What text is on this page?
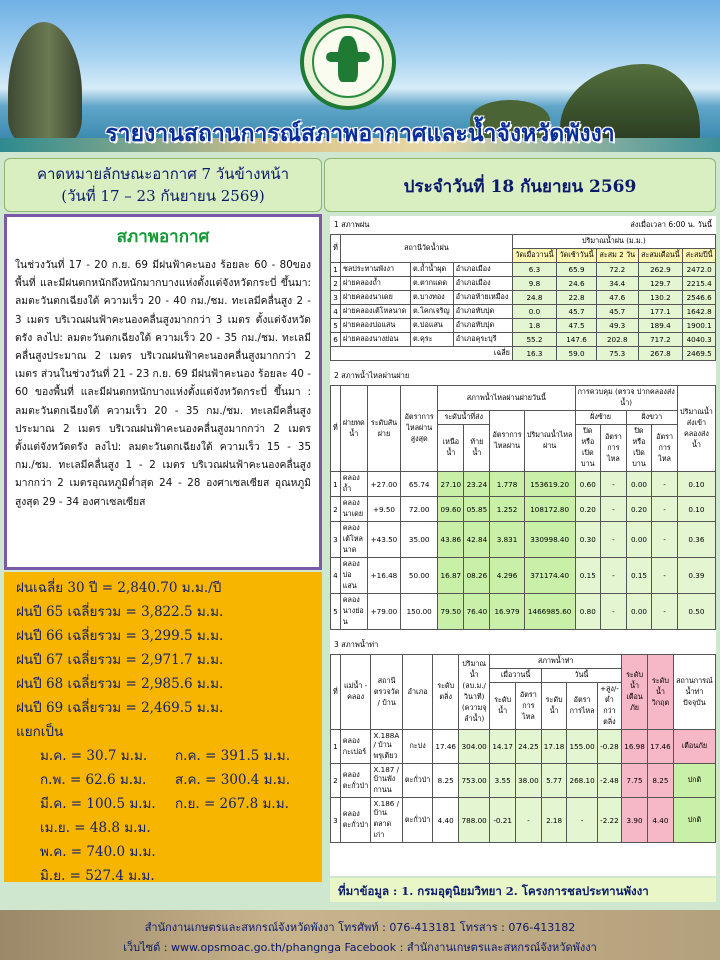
รายงานสถานการณ์สภาพอากาศและน้ำจังหวัดพังงา
คาดหมายลักษณะอากาศ 7 วันข้างหน้า
(วันที่ 17 – 23 กันยายน 2569)	ประจำวันที่ 18 กันยายน 2569
สภาพอากาศ
ในช่วงวันที่ 17 - 20 ก.ย. 69 มีฝนฟ้าคะนอง ร้อยละ 60 - 80ของพื้นที่ และมีฝนตกหนักถึงหนักมากบางแห่งตั้งแต่จังหวัดกระบี่ ขึ้นมา: ลมตะวันตกเฉียงใต้ ความเร็ว 20 - 40 กม./ชม. ทะเลมีคลื่นสูง 2 - 3 เมตร บริเวณฝนฟ้าคะนองคลื่นสูงมากกว่า 3 เมตร ตั้งแต่จังหวัดตรัง ลงไป: ลมตะวันตกเฉียงใต้ ความเร็ว 20 - 35 กม./ชม. ทะเลมีคลื่นสูงประมาณ 2 เมตร บริเวณฝนฟ้าคะนองคลื่นสูงมากกว่า 2 เมตร ส่วนในช่วงวันที่ 21 - 23 ก.ย. 69 มีฝนฟ้าคะนอง ร้อยละ 40 - 60 ของพื้นที่ และมีฝนตกหนักบางแห่งตั้งแต่จังหวัดกระบี่ ขึ้นมา : ลมตะวันตกเฉียงใต้ ความเร็ว 20 - 35 กม./ชม. ทะเลมีคลื่นสูงประมาณ 2 เมตร บริเวณฝนฟ้าคะนองคลื่นสูงมากกว่า 2 เมตร ตั้งแต่จังหวัดตรัง ลงไป: ลมตะวันตกเฉียงใต้ ความเร็ว 15 - 35 กม./ชม. ทะเลมีคลื่นสูง 1 - 2 เมตร บริเวณฝนฟ้าคะนองคลื่นสูงมากกว่า 2 เมตรอุณหภูมิต่ำสุด 24 - 28 องศาเซลเซียส อุณหภูมิสูงสุด 29 - 34 องศาเซลเซียส
ฝนเฉลี่ย 30 ปี = 2,840.70 ม.ม./ปี
ฝนปี 65 เฉลี่ยรวม = 3,822.5 ม.ม.
ฝนปี 66 เฉลี่ยรวม = 3,299.5 ม.ม.
ฝนปี 67 เฉลี่ยรวม = 2,971.7 ม.ม.
ฝนปี 68 เฉลี่ยรวม = 2,985.6 ม.ม.
ฝนปี 69 เฉลี่ยรวม = 2,469.5 ม.ม.
แยกเป็น
ม.ค. = 30.7 ม.ม.	ก.ค. = 391.5 ม.ม.
ก.พ. = 62.6 ม.ม.	ส.ค. = 300.4 ม.ม.
มี.ค. = 100.5 ม.ม.	ก.ย. = 267.8 ม.ม.
เม.ย. = 48.8 ม.ม.
พ.ค. = 740.0 ม.ม.
มิ.ย. = 527.4 ม.ม.
1 สภาพฝน	ส่งเมื่อเวลา 6:00 น. วันนี้
ที่	สถานีวัดน้ำฝน			ปริมาณน้ำฝน (ม.ม.)				
				วัดเมื่อวานนี้	วัดเช้าวันนี้	สะสม 2 วัน	สะสมเดือนนี้	สะสมปีนี้
1	ชลประทานพังงา	ต.ถ้ำน้ำผุด	อำเภอเมือง	6.3	65.9	72.2	262.9	2472.0
2	ฝายคลองถ้ำ	ต.ตากแดด	อำเภอเมือง	9.8	24.6	34.4	129.7	2215.4
3	ฝายคลองนาเดย	ต.บางทอง	อำเภอท้ายเหมือง	24.8	22.8	47.6	130.2	2546.6
4	ฝายคลองเต้โหลนาด	ต.โคกเจริญ	อำเภอทับปุด	0.0	45.7	45.7	177.1	1642.8
5	ฝายคลองบ่อแสน	ต.บ่อแสน	อำเภอทับปุด	1.8	47.5	49.3	189.4	1900.1
6	ฝายคลองนางย่อน	ต.คุระ	อำเภอคุระบุรี	55.2	147.6	202.8	717.2	4040.3
เฉลี่ย				16.3	59.0	75.3	267.8	2469.5
2 สภาพน้ำไหลผ่านฝาย
ที่	ฝายทดน้ำ	ระดับสันฝาย	อัตราการไหลผ่านสูงสุด	สภาพน้ำไหลผ่านฝายวันนี้				การควบคุม (ตรวจ ปากคลองส่งน้ำ)				ปริมาณน้ำส่งเข้าคลองส่งน้ำ
				ระดับน้ำที่ส่ง		อัตราการไหลผ่าน	ปริมาณน้ำไหลผ่าน	ฝั่งซ้าย		ฝั่งขวา		
				เหนือน้ำ	ท้ายน้ำ			ปิดหรือเปิดบาน	อัตราการไหล	ปิดหรือเปิดบาน	อัตราการไหล	
1	คลองถ้ำ	+27.00	65.74	27.10	23.24	1.778	153619.20	0.60	-	0.00	-	0.10
2	คลองนาเดย	+9.50	72.00	09.60	05.85	1.252	108172.80	0.20	-	0.20	-	0.10
3	คลองเต้โหลนาด	+43.50	35.00	43.86	42.84	3.831	330998.40	0.30	-	0.00	-	0.36
4	คลองบ่อแสน	+16.48	50.00	16.87	08.26	4.296	371174.40	0.15	-	0.15	-	0.39
5	คลองนางย่อน	+79.00	150.00	79.50	76.40	16.979	1466985.60	0.80	-	0.00	-	0.50
3 สภาพน้ำท่า
ที่	แม่น้ำ - คลอง	สถานีตรวจวัด / บ้าน	อำเภอ	ระดับตลิ่ง	ปริมาณน้ำ (ลบ.ม./วินาที) (ความจุลำน้ำ)	สภาพน้ำท่า					ระดับน้ำเตือนภัย	ระดับน้ำวิกฤต	สถานการณ์น้ำท่าปัจจุบัน
						เมื่อวานนี้		วันนี้					
						ระดับน้ำ	อัตราการไหล	ระดับน้ำ	อัตราการไหล	+สูง/-ต่ำกว่าตลิ่ง			
1	คลองกะเปอร์	X.188A / บ้านพรุเตียว	กะปง	17.46	304.00	14.17	24.25	17.18	155.00	-0.28	16.98	17.46	เตือนภัย
2	คลองตะกั่วป่า	X.187 / บ้านพังกานน	ตะกั่วป่า	8.25	753.00	3.55	38.00	5.77	268.10	-2.48	7.75	8.25	ปกติ
3	คลองตะกั่วป่า	X.186 / บ้านตลาดเก่า	ตะกั่วป่า	4.40	788.00	-0.21	-	2.18	-	-2.22	3.90	4.40	ปกติ
ที่มาข้อมูล : 1. กรมอุตุนิยมวิทยา 2. โครงการชลประทานพังงา
สำนักงานเกษตรและสหกรณ์จังหวัดพังงา โทรศัพท์ : 076-413181 โทรสาร : 076-413182
เว็บไซต์ : www.opsmoac.go.th/phangnga Facebook : สำนักงานเกษตรและสหกรณ์จังหวัดพังงา
